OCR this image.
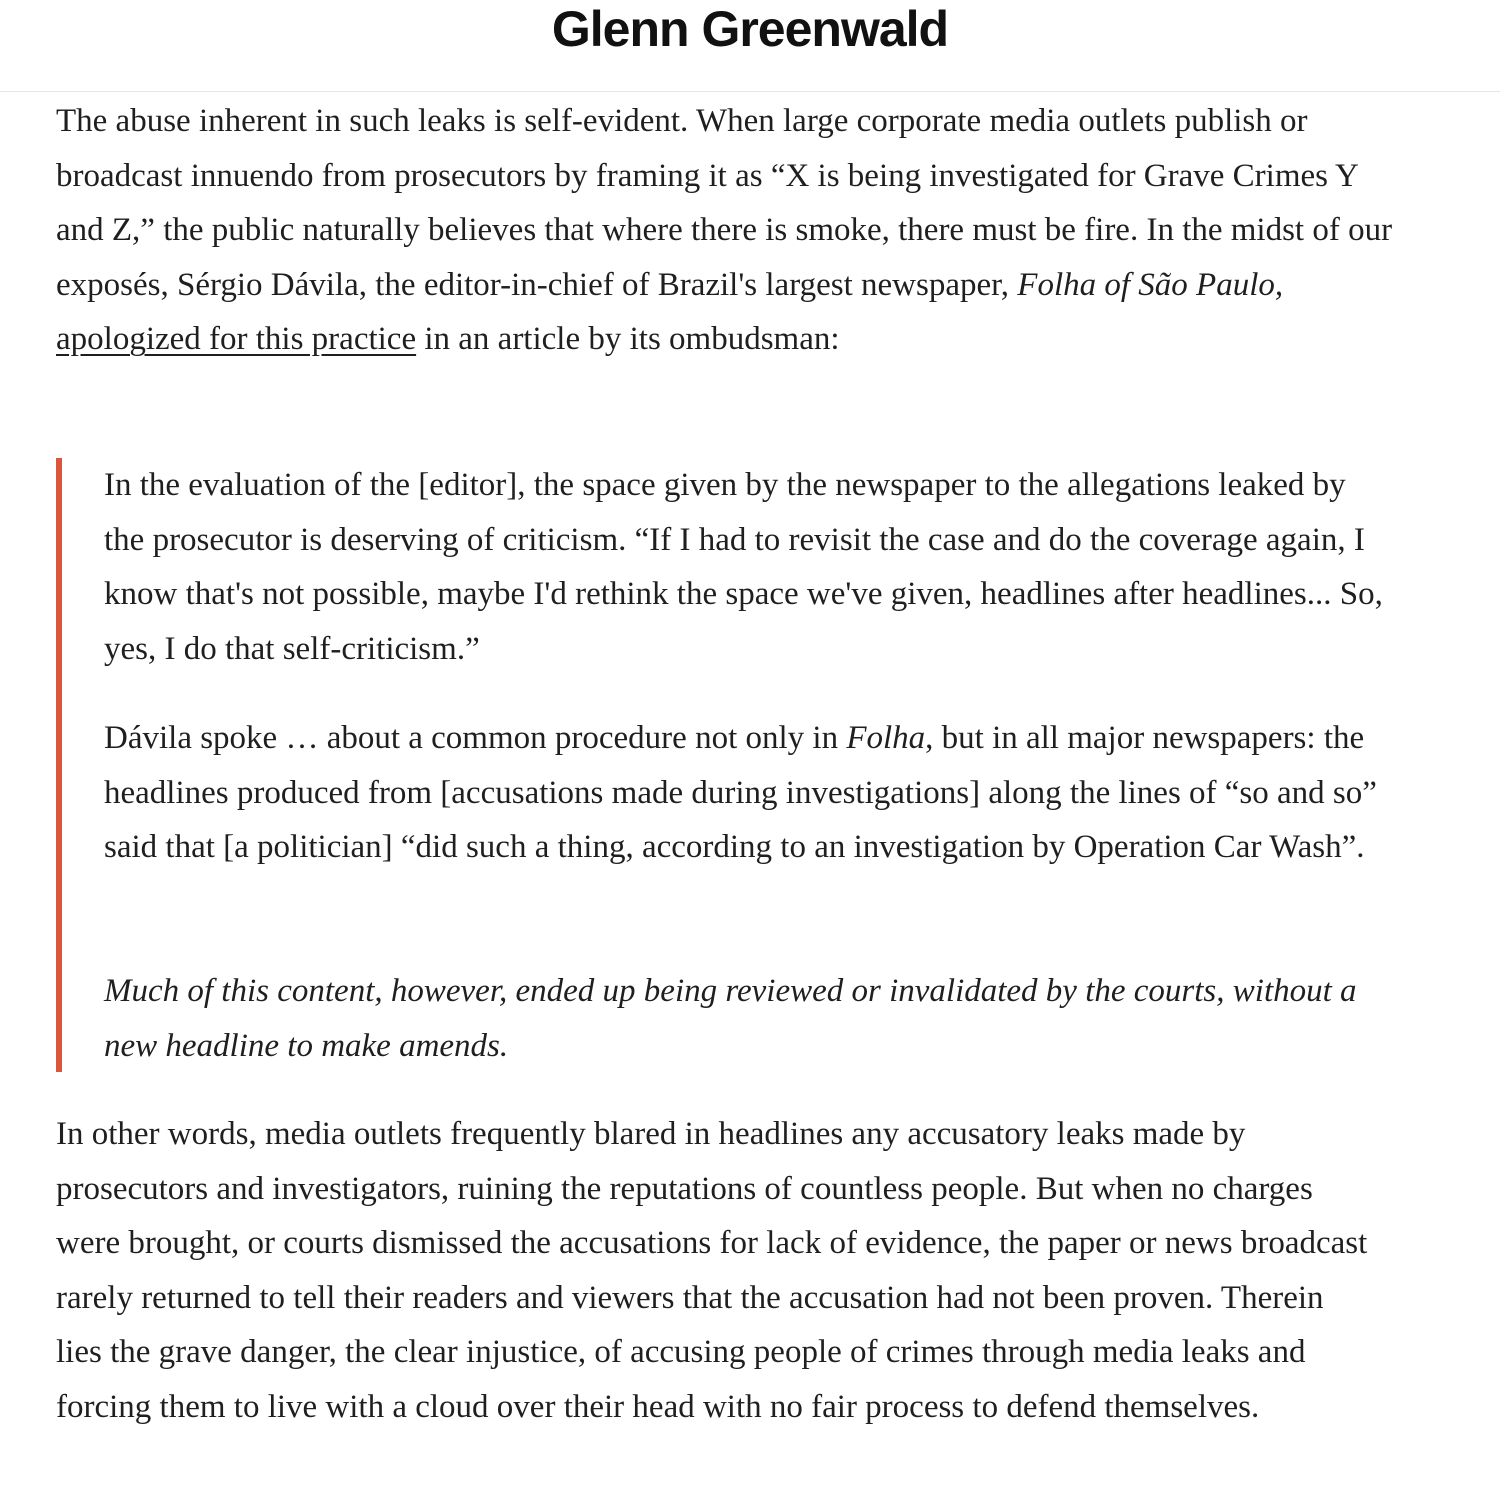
Glenn Greenwald

The abuse inherent in such leaks is self-evident. When large corporate media outlets publish or broadcast innuendo from prosecutors by framing it as “X is being investigated for Grave Crimes Y and Z,” the public naturally believes that where there is smoke, there must be fire. In the midst of our exposés, Sérgio Dávila, the editor-in-chief of Brazil's largest newspaper, Folha of São Paulo, apologized for this practice in an article by its ombudsman:

In the evaluation of the [editor], the space given by the newspaper to the allegations leaked by the prosecutor is deserving of criticism. “If I had to revisit the case and do the coverage again, I know that's not possible, maybe I'd rethink the space we've given, headlines after headlines... So, yes, I do that self-criticism.”

Dávila spoke … about a common procedure not only in Folha, but in all major newspapers: the headlines produced from [accusations made during investigations] along the lines of “so and so” said that [a politician] “did such a thing, according to an investigation by Operation Car Wash”.

Much of this content, however, ended up being reviewed or invalidated by the courts, without a new headline to make amends.

In other words, media outlets frequently blared in headlines any accusatory leaks made by prosecutors and investigators, ruining the reputations of countless people. But when no charges were brought, or courts dismissed the accusations for lack of evidence, the paper or news broadcast rarely returned to tell their readers and viewers that the accusation had not been proven. Therein lies the grave danger, the clear injustice, of accusing people of crimes through media leaks and forcing them to live with a cloud over their head with no fair process to defend themselves.
